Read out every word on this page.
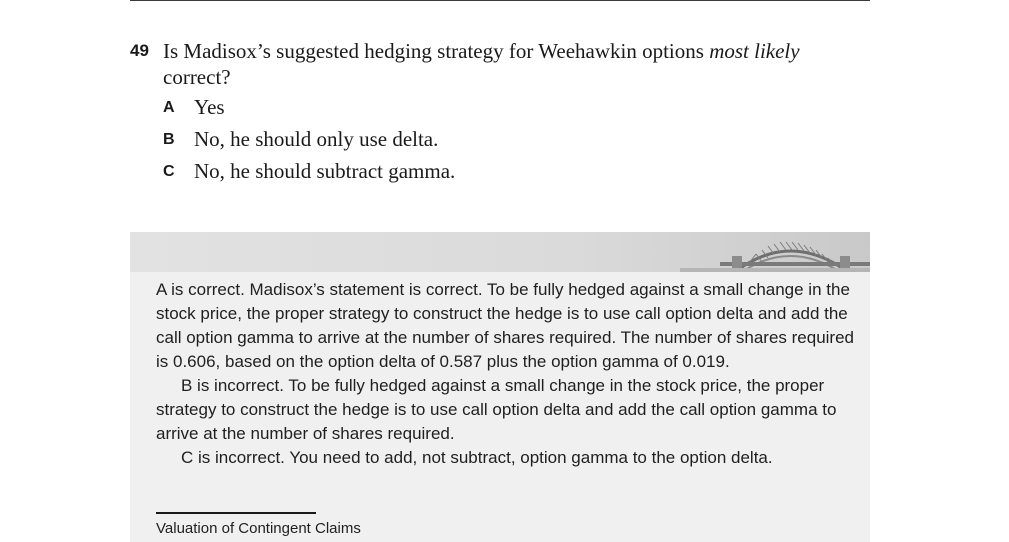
49 Is Madisox’s suggested hedging strategy for Weehawkin options most likely correct?
A Yes
B No, he should only use delta.
C No, he should subtract gamma.

A is correct. Madisox’s statement is correct. To be fully hedged against a small change in the stock price, the proper strategy to construct the hedge is to use call option delta and add the call option gamma to arrive at the number of shares required. The number of shares required is 0.606, based on the option delta of 0.587 plus the option gamma of 0.019.

B is incorrect. To be fully hedged against a small change in the stock price, the proper strategy to construct the hedge is to use call option delta and add the call option gamma to arrive at the number of shares required.

C is incorrect. You need to add, not subtract, option gamma to the option delta.

Valuation of Contingent Claims
